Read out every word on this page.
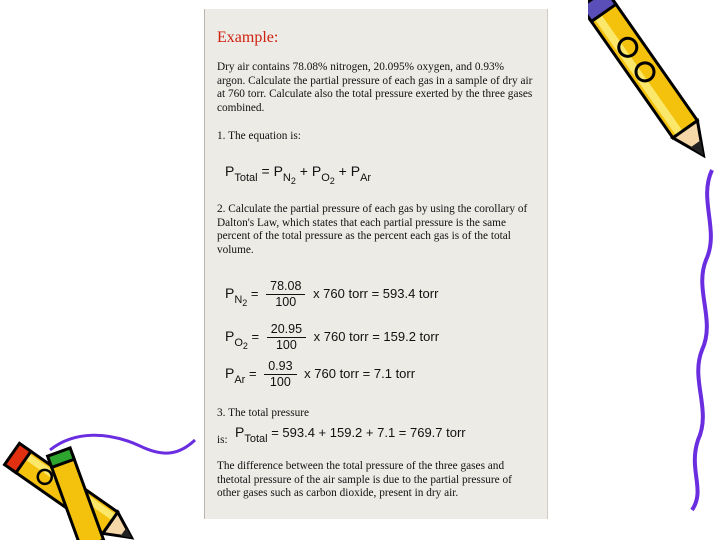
Example:
Dry air contains 78.08% nitrogen, 20.095% oxygen, and 0.93% argon. Calculate the partial pressure of each gas in a sample of dry air at 760 torr. Calculate also the total pressure exerted by the three gases combined.
1. The equation is:
$P_{Total} = P_{N2} + P_{O2} + P_{Ar}$
2. Calculate the partial pressure of each gas by using the corollary of Dalton's Law, which states that each partial pressure is the same percent of the total pressure as the percent each gas is of the total volume.
$P_{N2} = \frac{78.08}{100}$ x 760 torr = 593.4 torr
$P_{O2} = \frac{20.95}{100}$ x 760 torr = 159.2 torr
$P_{Ar} = \frac{0.93}{100}$ x 760 torr = 7.1 torr
3. The total pressure
is: $P_{Total} = 593.4 + 159.2 + 7.1 = 769.7$ torr
The difference between the total pressure of the three gases and thetotal pressure of the air sample is due to the partial pressure of other gases such as carbon dioxide, present in dry air.
